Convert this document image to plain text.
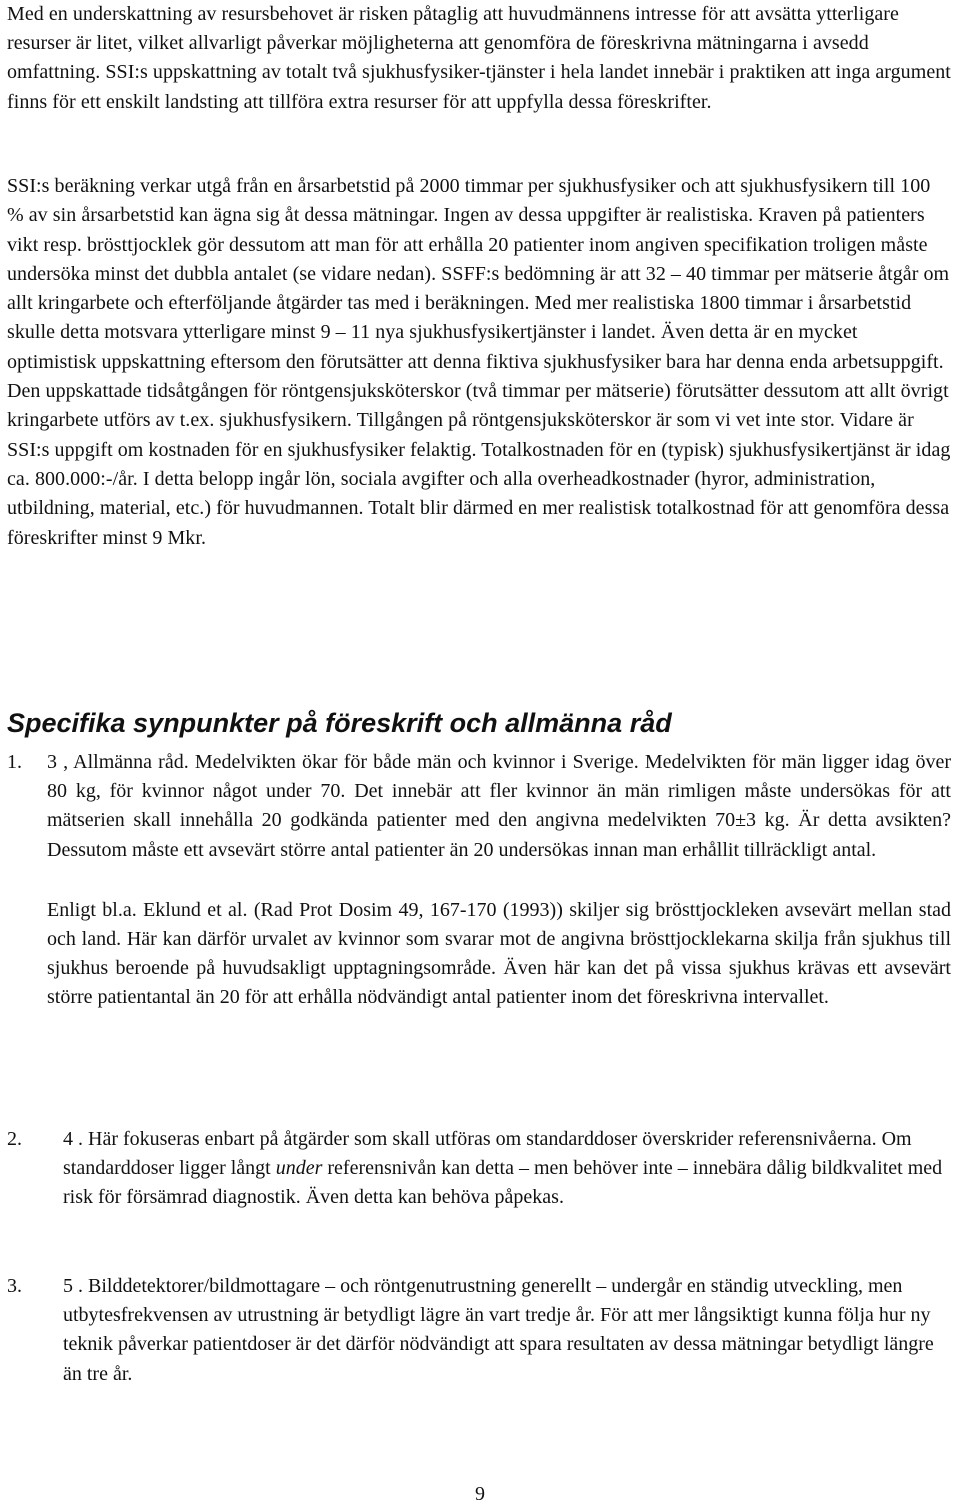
Med en underskattning av resursbehovet är risken påtaglig att huvudmännens intresse för att avsätta ytterligare resurser är litet, vilket allvarligt påverkar möjligheterna att genomföra de föreskrivna mätningarna i avsedd omfattning. SSI:s uppskattning av totalt två sjukhusfysiker-tjänster i hela landet innebär i praktiken att inga argument finns för ett enskilt landsting att tillföra extra resurser för att uppfylla dessa föreskrifter.

SSI:s beräkning verkar utgå från en årsarbetstid på 2000 timmar per sjukhusfysiker och att sjukhusfysikern till 100 % av sin årsarbetstid kan ägna sig åt dessa mätningar. Ingen av dessa uppgifter är realistiska. Kraven på patienters vikt resp. brösttjocklek gör dessutom att man för att erhålla 20 patienter inom angiven specifikation troligen måste undersöka minst det dubbla antalet (se vidare nedan). SSFF:s bedömning är att 32 – 40 timmar per mätserie åtgår om allt kringarbete och efterföljande åtgärder tas med i beräkningen. Med mer realistiska 1800 timmar i årsarbetstid skulle detta motsvara ytterligare minst 9 – 11 nya sjukhusfysikertjänster i landet. Även detta är en mycket optimistisk uppskattning eftersom den förutsätter att denna fiktiva sjukhusfysiker bara har denna enda arbetsuppgift. Den uppskattade tidsåtgången för röntgensjuksköterskor (två timmar per mätserie) förutsätter dessutom att allt övrigt kringarbete utförs av t.ex. sjukhusfysikern. Tillgången på röntgensjuksköterskor är som vi vet inte stor. Vidare är SSI:s uppgift om kostnaden för en sjukhusfysiker felaktig. Totalkostnaden för en (typisk) sjukhusfysikertjänst är idag ca. 800.000:-/år. I detta belopp ingår lön, sociala avgifter och alla overheadkostnader (hyror, administration, utbildning, material, etc.) för huvudmannen. Totalt blir därmed en mer realistisk totalkostnad för att genomföra dessa föreskrifter minst 9 Mkr.

Specifika synpunkter på föreskrift och allmänna råd
1. 3 , Allmänna råd. Medelvikten ökar för både män och kvinnor i Sverige. Medelvikten för män ligger idag över 80 kg, för kvinnor något under 70. Det innebär att fler kvinnor än män rimligen måste undersökas för att mätserien skall innehålla 20 godkända patienter med den angivna medelvikten 70±3 kg. Är detta avsikten? Dessutom måste ett avsevärt större antal patienter än 20 undersökas innan man erhållit tillräckligt antal.

Enligt bl.a. Eklund et al. (Rad Prot Dosim 49, 167-170 (1993)) skiljer sig brösttjockleken avsevärt mellan stad och land. Här kan därför urvalet av kvinnor som svarar mot de angivna brösttjocklekarna skilja från sjukhus till sjukhus beroende på huvudsakligt upptagningsområde. Även här kan det på vissa sjukhus krävas ett avsevärt större patientantal än 20 för att erhålla nödvändigt antal patienter inom det föreskrivna intervallet.

2. 4 . Här fokuseras enbart på åtgärder som skall utföras om standarddoser överskrider referensnivåerna. Om standarddoser ligger långt under referensnivån kan detta – men behöver inte – innebära dålig bildkvalitet med risk för försämrad diagnostik. Även detta kan behöva påpekas.

3. 5 . Bilddetektorer/bildmottagare – och röntgenutrustning generellt – undergår en ständig utveckling, men utbytesfrekvensen av utrustning är betydligt lägre än vart tredje år. För att mer långsiktigt kunna följa hur ny teknik påverkar patientdoser är det därför nödvändigt att spara resultaten av dessa mätningar betydligt längre än tre år.

9
